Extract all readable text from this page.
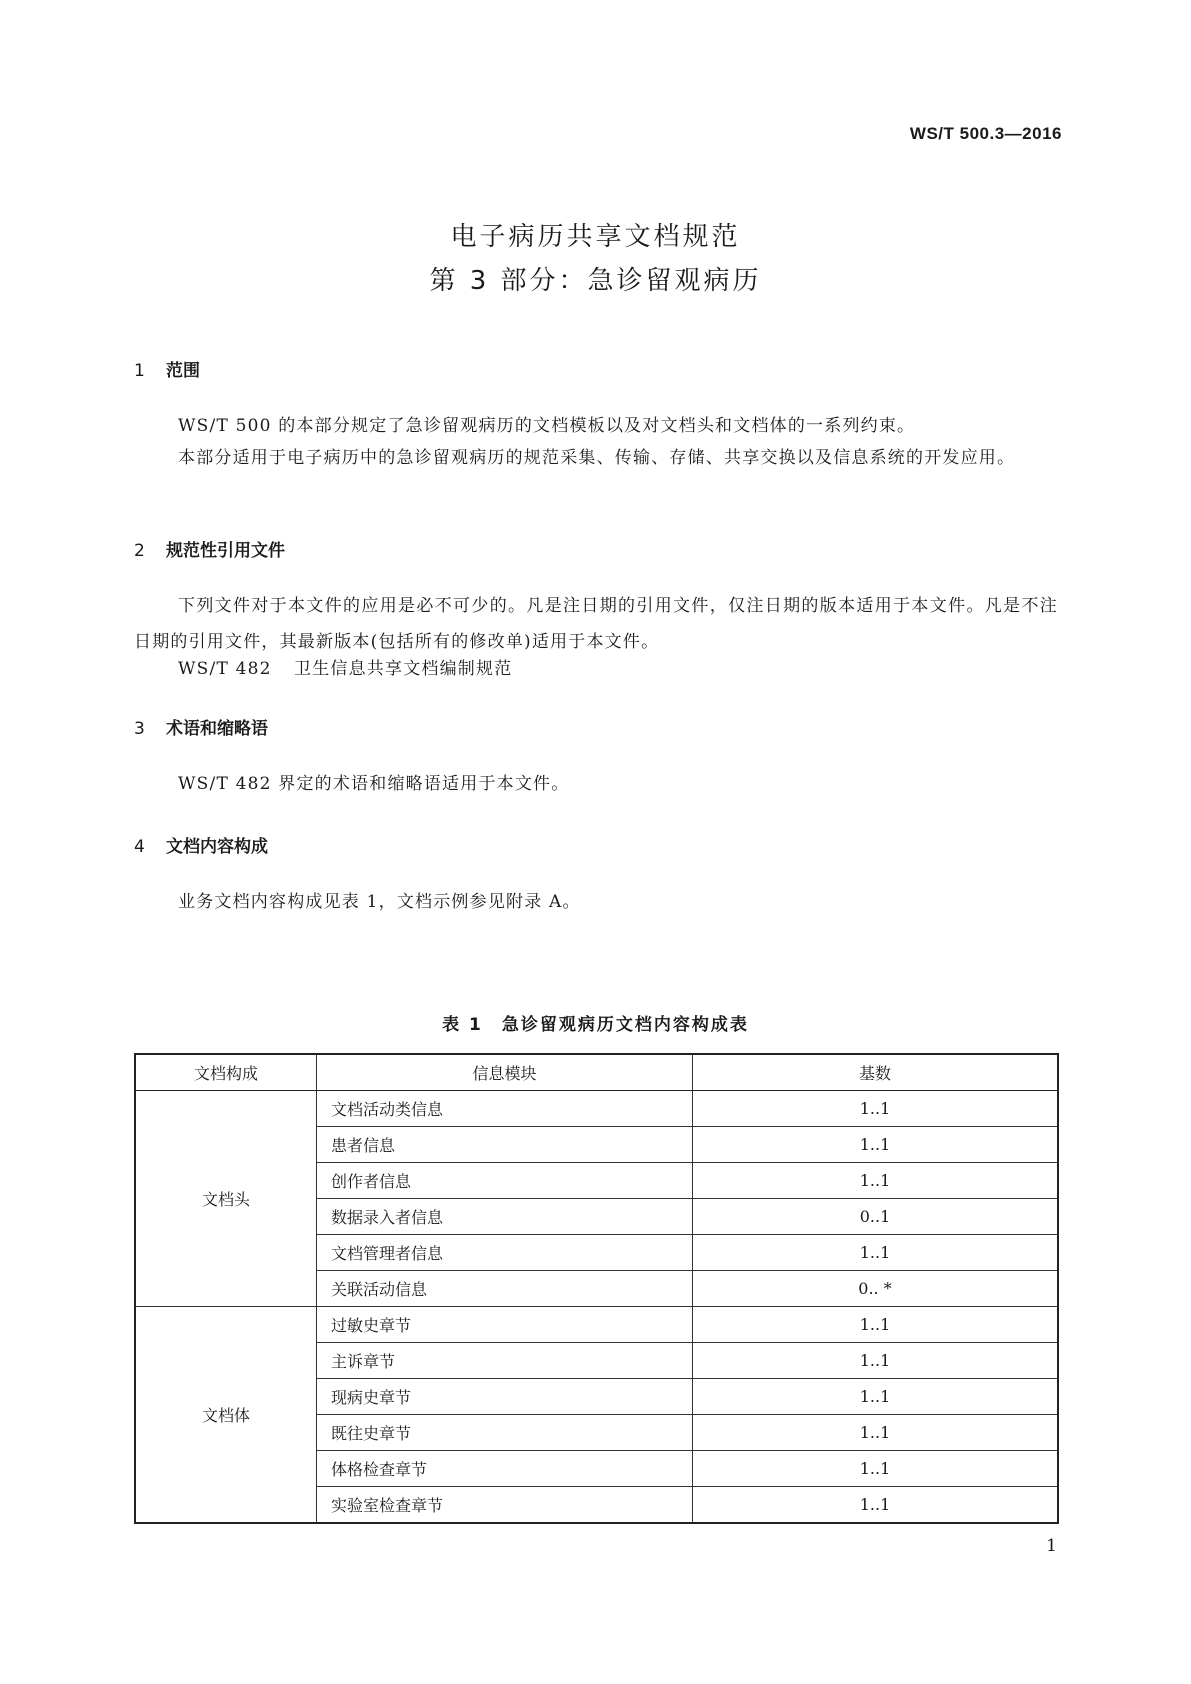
WS/T 500.3—2016
电子病历共享文档规范
第 3 部分：急诊留观病历
1 范围
WS/T 500 的本部分规定了急诊留观病历的文档模板以及对文档头和文档体的一系列约束。
本部分适用于电子病历中的急诊留观病历的规范采集、传输、存储、共享交换以及信息系统的开发应用。
2 规范性引用文件
下列文件对于本文件的应用是必不可少的。凡是注日期的引用文件，仅注日期的版本适用于本文件。凡是不注日期的引用文件，其最新版本(包括所有的修改单)适用于本文件。
WS/T 482 卫生信息共享文档编制规范
3 术语和缩略语
WS/T 482 界定的术语和缩略语适用于本文件。
4 文档内容构成
业务文档内容构成见表 1，文档示例参见附录 A。
表 1　急诊留观病历文档内容构成表
文档构成	信息模块	基数
文档头	文档活动类信息	1..1
	患者信息	1..1
	创作者信息	1..1
	数据录入者信息	0..1
	文档管理者信息	1..1
	关联活动信息	0.. *
文档体	过敏史章节	1..1
	主诉章节	1..1
	现病史章节	1..1
	既往史章节	1..1
	体格检查章节	1..1
	实验室检查章节	1..1
1
